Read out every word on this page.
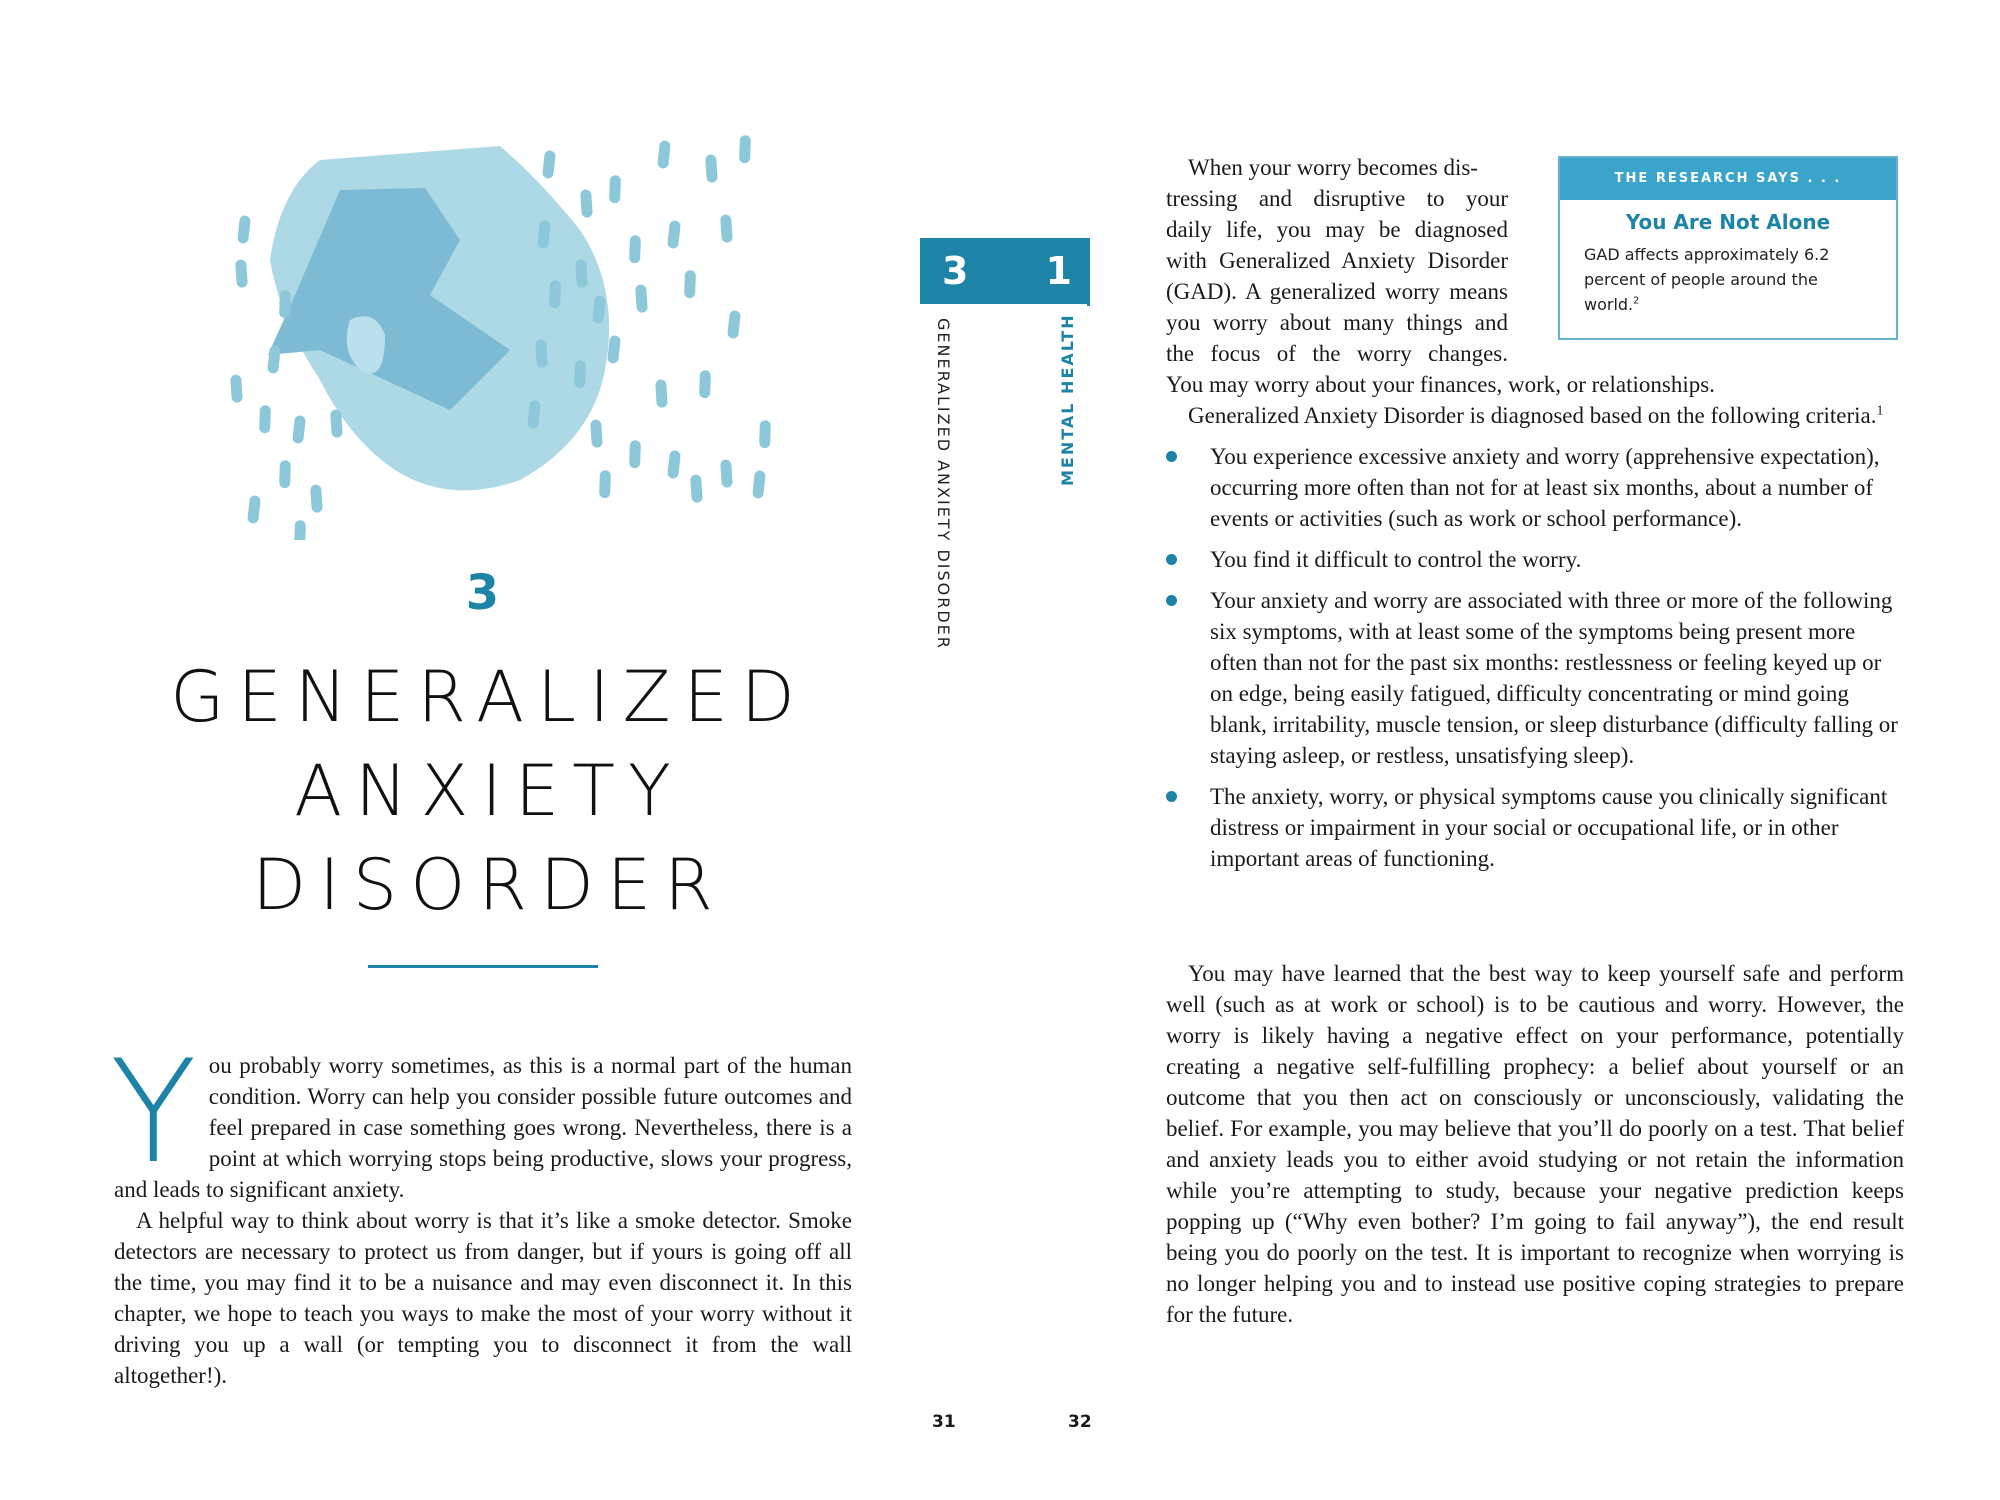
3
GENERALIZED
ANXIETY
DISORDER

You probably worry sometimes, as this is a normal part of the human condition. Worry can help you consider possible future outcomes and feel prepared in case something goes wrong. Nevertheless, there is a point at which worrying stops being productive, slows your progress, and leads to significant anxiety.

A helpful way to think about worry is that it’s like a smoke detector. Smoke detectors are necessary to protect us from danger, but if yours is going off all the time, you may find it to be a nuisance and may even disconnect it. In this chapter, we hope to teach you ways to make the most of your worry without it driving you up a wall (or tempting you to disconnect it from the wall altogether!).

31
3 1
GENERALIZED ANXIETY DISORDER	MENTAL HEALTH
When your worry becomes dis-
tressing and disruptive to your
daily life, you may be diagnosed
with Generalized Anxiety Disorder
(GAD). A generalized worry means
you worry about many things and
the focus of the worry changes.

You may worry about your finances, work, or relationships.

Generalized Anxiety Disorder is diagnosed based on the following criteria.$^1$

You experience excessive anxiety and worry (apprehensive expectation), occurring more often than not for at least six months, about a number of events or activities (such as work or school performance).
You find it difficult to control the worry.
Your anxiety and worry are associated with three or more of the following six symptoms, with at least some of the symptoms being present more often than not for the past six months: restlessness or feeling keyed up or on edge, being easily fatigued, difficulty concentrating or mind going blank, irritability, muscle tension, or sleep disturbance (difficulty falling or staying asleep, or restless, unsatisfying sleep).
The anxiety, worry, or physical symptoms cause you clinically significant distress or impairment in your social or occupational life, or in other important areas of functioning.

You may have learned that the best way to keep yourself safe and perform well (such as at work or school) is to be cautious and worry. However, the worry is likely having a negative effect on your performance, potentially creating a negative self-fulfilling prophecy: a belief about yourself or an outcome that you then act on consciously or unconsciously, validating the belief. For example, you may believe that you’ll do poorly on a test. That belief and anxiety leads you to either avoid studying or not retain the information while you’re attempting to study, because your negative prediction keeps popping up (“Why even bother? I’m going to fail anyway”), the end result being you do poorly on the test. It is important to recognize when worrying is no longer helping you and to instead use positive coping strategies to prepare for the future.

THE RESEARCH SAYS . . .
You Are Not Alone
GAD affects approximately 6.2 percent of people around the world.$^2$
32
